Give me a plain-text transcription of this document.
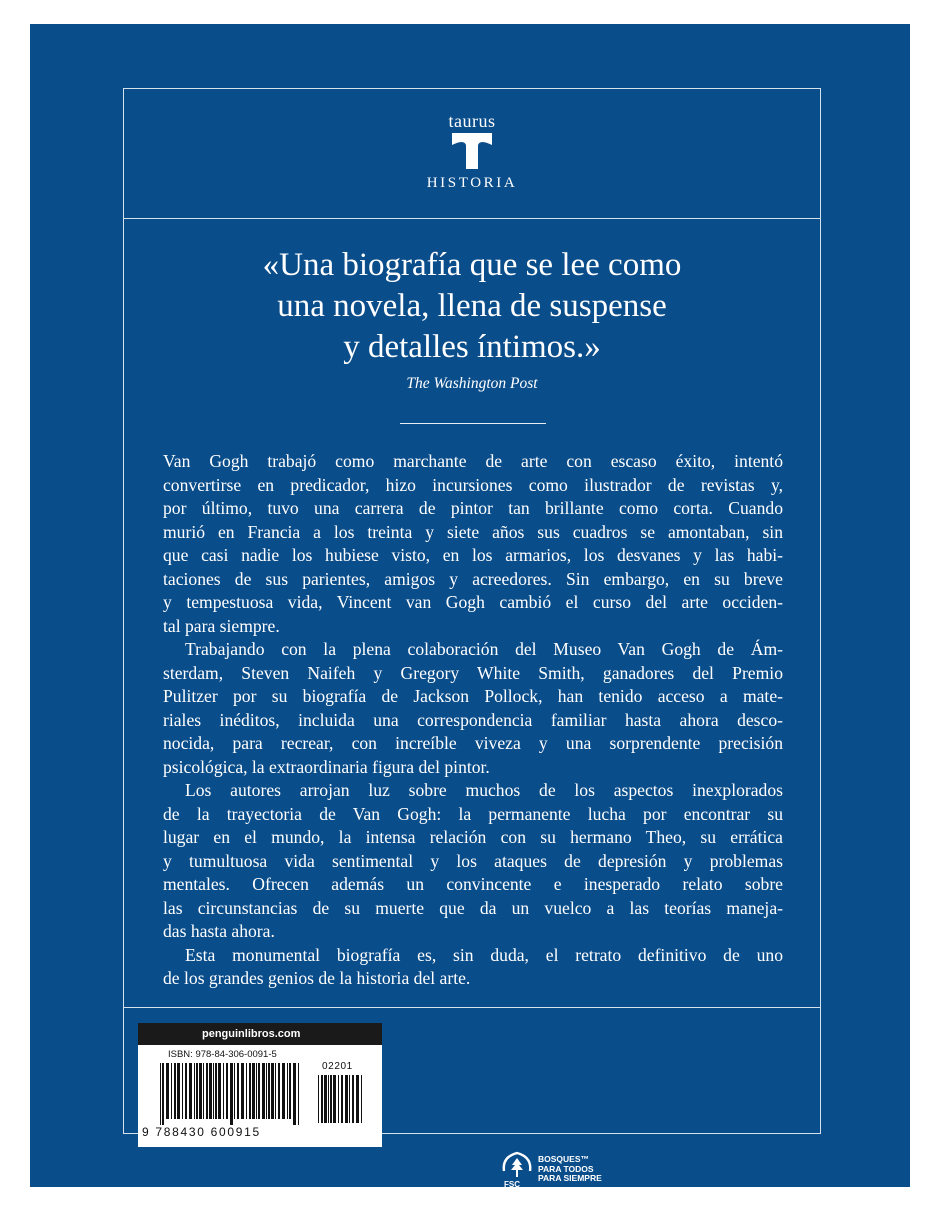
taurus
HISTORIA
«Una biografía que se lee como
una novela, llena de suspense
y detalles íntimos.»
The Washington Post
Van Gogh trabajó como marchante de arte con escaso éxito, intentó
convertirse en predicador, hizo incursiones como ilustrador de revistas y,
por último, tuvo una carrera de pintor tan brillante como corta. Cuando
murió en Francia a los treinta y siete años sus cuadros se amontaban, sin
que casi nadie los hubiese visto, en los armarios, los desvanes y las habi-
taciones de sus parientes, amigos y acreedores. Sin embargo, en su breve
y tempestuosa vida, Vincent van Gogh cambió el curso del arte occiden-
tal para siempre.
Trabajando con la plena colaboración del Museo Van Gogh de Ám-
sterdam, Steven Naifeh y Gregory White Smith, ganadores del Premio
Pulitzer por su biografía de Jackson Pollock, han tenido acceso a mate-
riales inéditos, incluida una correspondencia familiar hasta ahora desco-
nocida, para recrear, con increíble viveza y una sorprendente precisión
psicológica, la extraordinaria figura del pintor.
Los autores arrojan luz sobre muchos de los aspectos inexplorados
de la trayectoria de Van Gogh: la permanente lucha por encontrar su
lugar en el mundo, la intensa relación con su hermano Theo, su errática
y tumultuosa vida sentimental y los ataques de depresión y problemas
mentales. Ofrecen además un convincente e inesperado relato sobre
las circunstancias de su muerte que da un vuelco a las teorías maneja-
das hasta ahora.
Esta monumental biografía es, sin duda, el retrato definitivo de uno
de los grandes genios de la historia del arte.
FSC
BOSQUES™
PARA TODOS
PARA SIEMPRE
penguinlibros.com
ISBN: 978-84-306-0091-5
02201
9 788430 600915
